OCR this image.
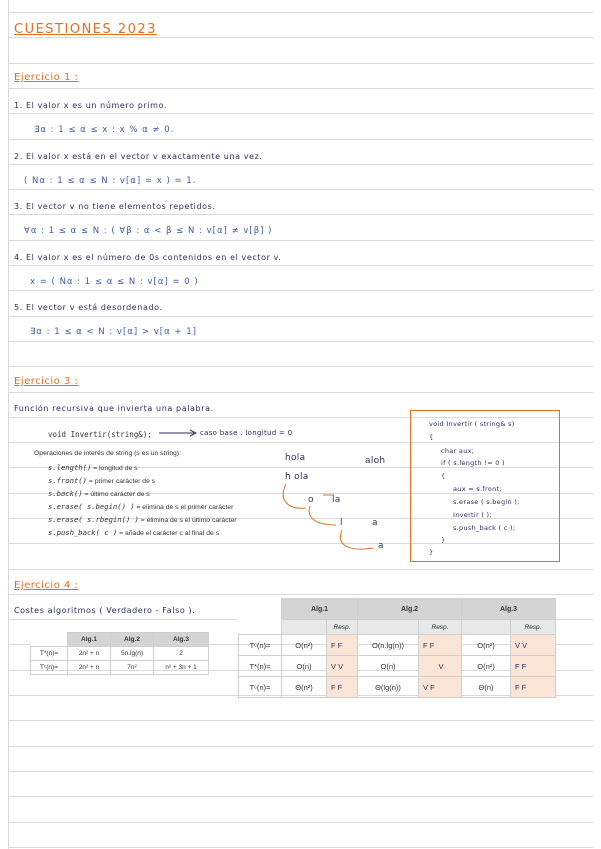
CUESTIONES 2023
Ejercicio 1 :
1. El valor x es un número primo.
∃α : 1 ≤ α ≤ x : x % α ≠ 0.
2. El valor x está en el vector v exactamente una vez.
( Nα : 1 ≤ α ≤ N : v[α] = x ) = 1.
3. El vector v no tiene elementos repetidos.
∀α : 1 ≤ α ≤ N : ( ∀β : α < β ≤ N : v[α] ≠ v[β] )
4. El valor x es el número de 0s contenidos en el vector v.
x = ( Nα : 1 ≤ α ≤ N : v[α] = 0 )
5. El vector v está desordenado.
∃α : 1 ≤ α < N : v[α] > v[α + 1]
Ejercicio 3 :
Función recursiva que invierta una palabra.
void Invertir(string&);	caso base : longitud = 0
Operaciones de interés de string (s es un string):
s.length() = longitud de s
s.front() = primer carácter de s
s.back() = último carácter de s
s.erase( s.begin() ) = elimina de s el primer carácter
s.erase( s.rbegin() ) = elimina de s el último carácter
s.push_back( c ) = añade el carácter c al final de s
hola
h ola
aloh
o la
l	a
a
void Invertir ( string& s)
{
char aux;
if ( s.length != 0 )
{
aux = s.front;
s.erase ( s.begin );
Invertir ( );
s.push_back ( c );
}
}
Ejercicio 4 :
Costes algoritmos ( Verdadero - Falso ).
	Alg.1	Alg.2	Alg.3
T*(n)=	2n² + n	5n.lg(n)	2
Tᶜ(n)=	2n² + n	7n²	n² + 3n + 1
	Alg.1		Alg.2		Alg.3	
		Resp.		Resp.		Resp.
Tᶜ(n)=	O(n²)	F F	O(n.lg(n))	F F	O(n²)	V V
T*(n)=	O(n)	V V	O(n)	V	O(n²)	F F
Tᶜ(n)=	Θ(n²)	F F	Θ(lg(n))	V F	Θ(n)	F F
